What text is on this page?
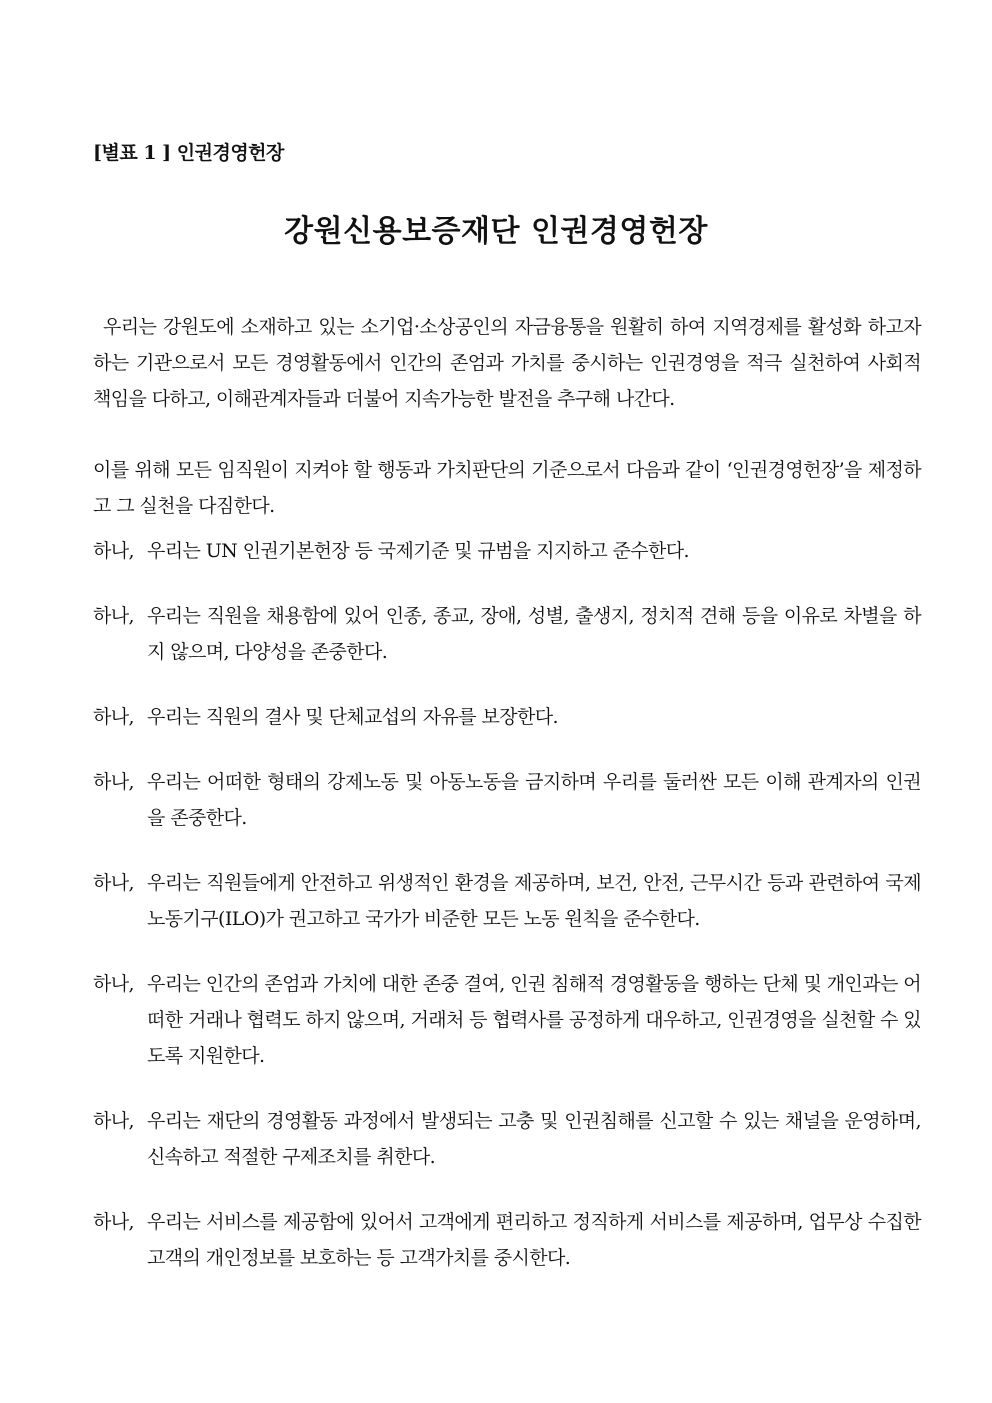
[별표 1 ] 인권경영헌장
강원신용보증재단 인권경영헌장

우리는 강원도에 소재하고 있는 소기업·소상공인의 자금융통을 원활히 하여 지역경제를 활성화 하고자 하는 기관으로서 모든 경영활동에서 인간의 존엄과 가치를 중시하는 인권경영을 적극 실천하여 사회적 책임을 다하고, 이해관계자들과 더불어 지속가능한 발전을 추구해 나간다.

이를 위해 모든 임직원이 지켜야 할 행동과 가치판단의 기준으로서 다음과 같이 ‘인권경영헌장’을 제정하고 그 실천을 다짐한다.

하나, 우리는 UN 인권기본헌장 등 국제기준 및 규범을 지지하고 준수한다.
하나, 우리는 직원을 채용함에 있어 인종, 종교, 장애, 성별, 출생지, 정치적 견해 등을 이유로 차별을 하지 않으며, 다양성을 존중한다.
하나, 우리는 직원의 결사 및 단체교섭의 자유를 보장한다.
하나, 우리는 어떠한 형태의 강제노동 및 아동노동을 금지하며 우리를 둘러싼 모든 이해 관계자의 인권을 존중한다.
하나, 우리는 직원들에게 안전하고 위생적인 환경을 제공하며, 보건, 안전, 근무시간 등과 관련하여 국제노동기구(ILO)가 권고하고 국가가 비준한 모든 노동 원칙을 준수한다.
하나, 우리는 인간의 존엄과 가치에 대한 존중 결여, 인권 침해적 경영활동을 행하는 단체 및 개인과는 어떠한 거래나 협력도 하지 않으며, 거래처 등 협력사를 공정하게 대우하고, 인권경영을 실천할 수 있도록 지원한다.
하나, 우리는 재단의 경영활동 과정에서 발생되는 고충 및 인권침해를 신고할 수 있는 채널을 운영하며, 신속하고 적절한 구제조치를 취한다.
하나, 우리는 서비스를 제공함에 있어서 고객에게 편리하고 정직하게 서비스를 제공하며, 업무상 수집한 고객의 개인정보를 보호하는 등 고객가치를 중시한다.
